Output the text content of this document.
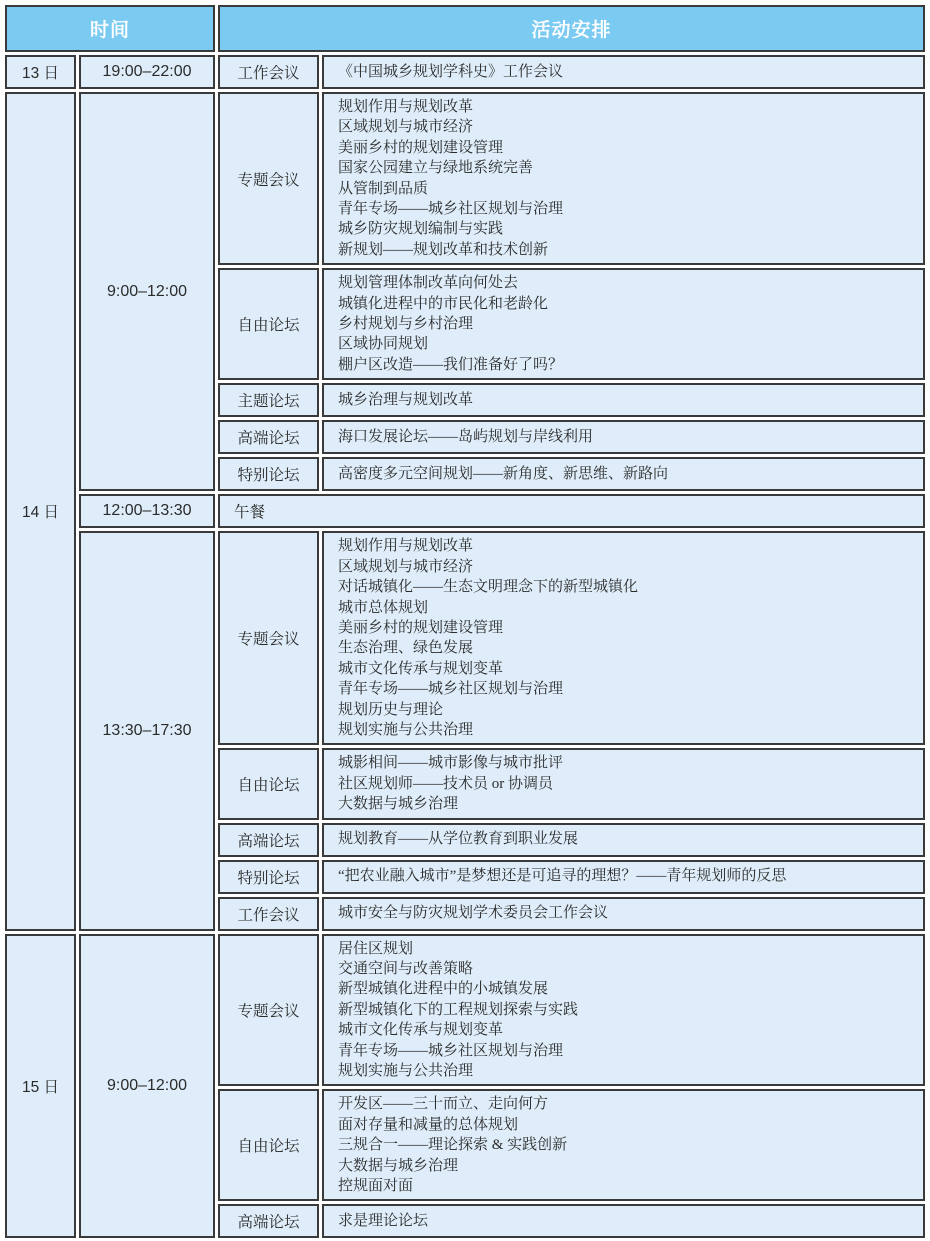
时间		活动安排	
13 日	19:00–22:00	工作会议	《中国城乡规划学科史》工作会议

14 日	9:00–12:00	专题会议	
规划作用与规划改革
区域规划与城市经济
美丽乡村的规划建设管理
国家公园建立与绿地系统完善
从管制到品质
青年专场——城乡社区规划与治理
城乡防灾规划编制与实践
新规划——规划改革和技术创新

		自由论坛	规划管理体制改革向何处去
城镇化进程中的市民化和老龄化
乡村规划与乡村治理
区域协同规划
棚户区改造——我们准备好了吗？

		主题论坛	城乡治理与规划改革

		高端论坛	海口发展论坛——岛屿规划与岸线利用

		特别论坛	高密度多元空间规划——新角度、新思维、新路向

	12:00–13:30	午餐	
13:30–17:30	专题会议	
规划作用与规划改革
区域规划与城市经济
对话城镇化——生态文明理念下的新型城镇化
城市总体规划
美丽乡村的规划建设管理
生态治理、绿色发展
城市文化传承与规划变革
青年专场——城乡社区规划与治理
规划历史与理论
规划实施与公共治理

		自由论坛	城影相间——城市影像与城市批评
社区规划师——技术员 or 协调员
大数据与城乡治理

		高端论坛	规划教育——从学位教育到职业发展

		特别论坛	“把农业融入城市”是梦想还是可追寻的理想？——青年规划师的反思

		工作会议	城市安全与防灾规划学术委员会工作会议

15 日	9:00–12:00	专题会议	
居住区规划
交通空间与改善策略
新型城镇化进程中的小城镇发展
新型城镇化下的工程规划探索与实践
城市文化传承与规划变革
青年专场——城乡社区规划与治理
规划实施与公共治理

		自由论坛	开发区——三十而立、走向何方
面对存量和减量的总体规划
三规合一——理论探索 & 实践创新
大数据与城乡治理
控规面对面

		高端论坛	求是理论论坛
